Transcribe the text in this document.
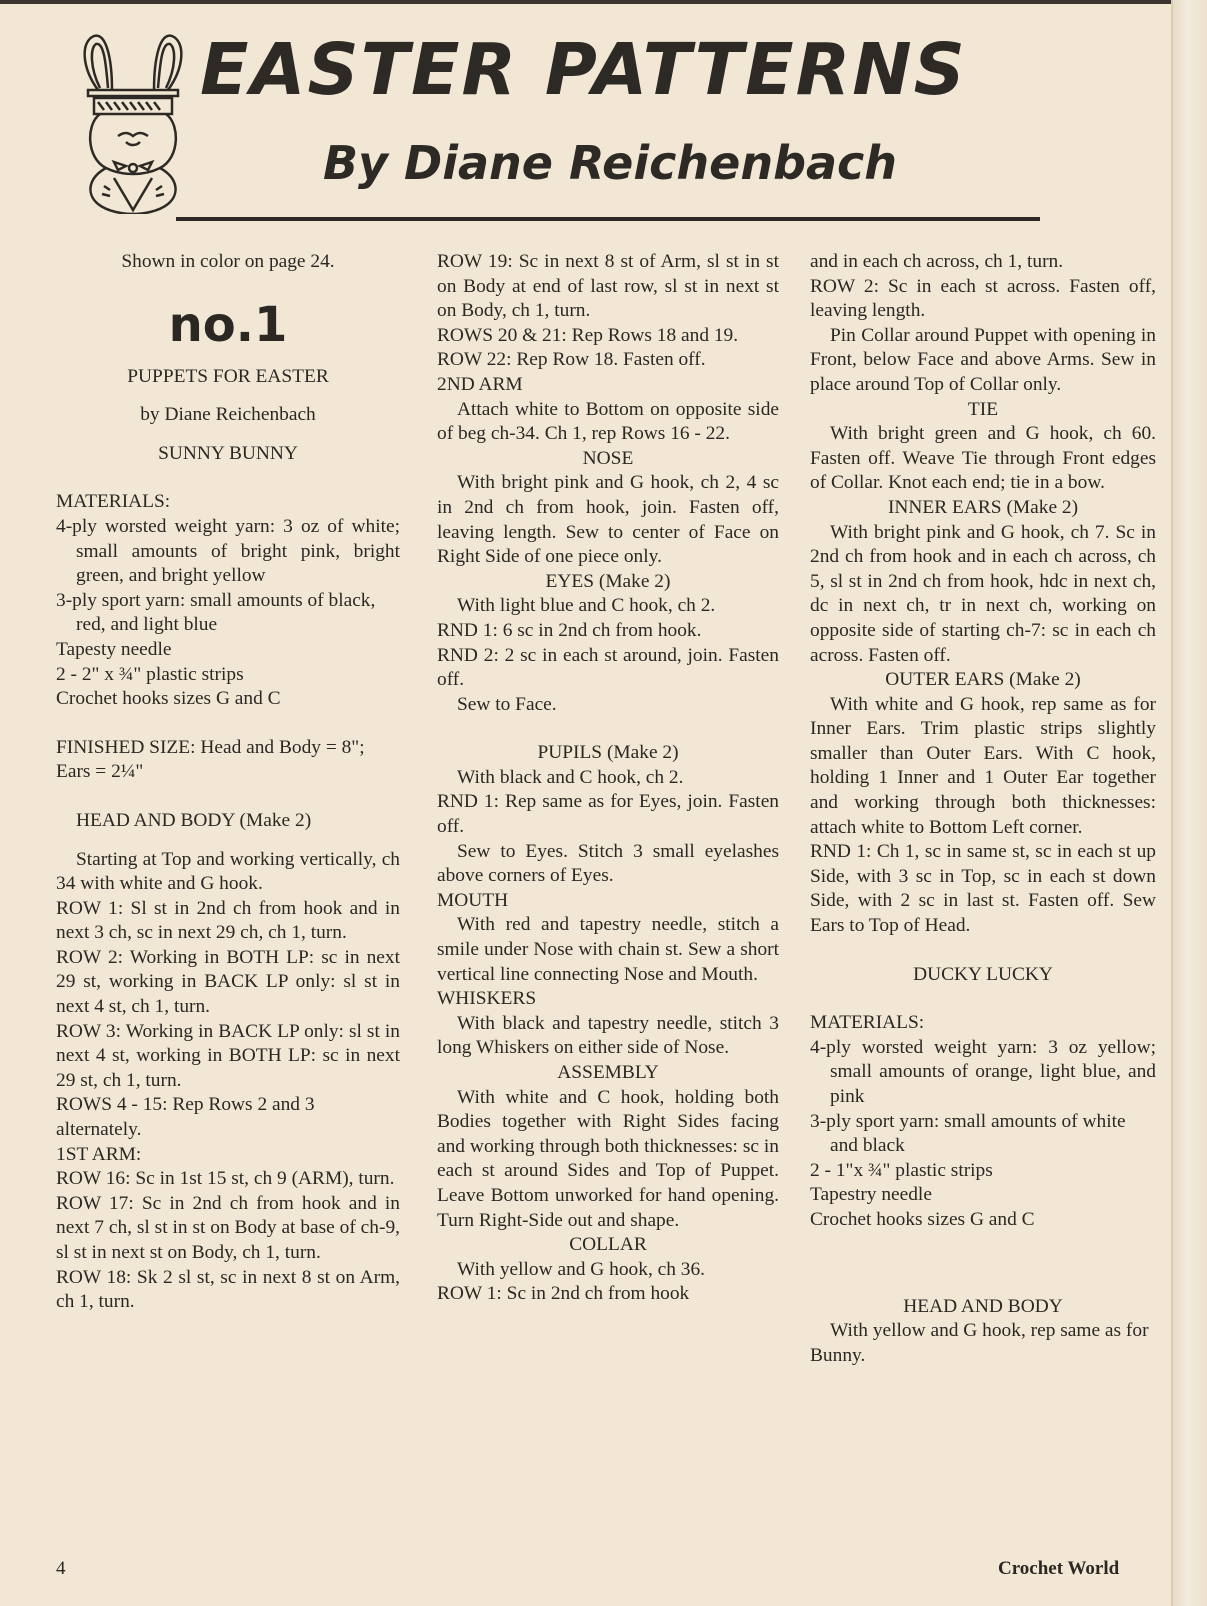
EASTER PATTERNS
By Diane Reichenbach

Shown in color on page 24.

no.1

PUPPETS FOR EASTER

by Diane Reichenbach

SUNNY BUNNY

MATERIALS:

4-ply worsted weight yarn: 3 oz of white; small amounts of bright pink, bright green, and bright yellow

3-ply sport yarn: small amounts of black, red, and light blue

Tapesty needle

2 - 2" x ¾" plastic strips

Crochet hooks sizes G and C

FINISHED SIZE: Head and Body = 8"; Ears = 2¼"

HEAD AND BODY (Make 2)

Starting at Top and working vertically, ch 34 with white and G hook.

ROW 1: Sl st in 2nd ch from hook and in next 3 ch, sc in next 29 ch, ch 1, turn.

ROW 2: Working in BOTH LP: sc in next 29 st, working in BACK LP only: sl st in next 4 st, ch 1, turn.

ROW 3: Working in BACK LP only: sl st in next 4 st, working in BOTH LP: sc in next 29 st, ch 1, turn.

ROWS 4 - 15: Rep Rows 2 and 3 alternately.

1ST ARM:

ROW 16: Sc in 1st 15 st, ch 9 (ARM), turn.

ROW 17: Sc in 2nd ch from hook and in next 7 ch, sl st in st on Body at base of ch-9, sl st in next st on Body, ch 1, turn.

ROW 18: Sk 2 sl st, sc in next 8 st on Arm, ch 1, turn.

ROW 19: Sc in next 8 st of Arm, sl st in st on Body at end of last row, sl st in next st on Body, ch 1, turn.

ROWS 20 & 21: Rep Rows 18 and 19.

ROW 22: Rep Row 18. Fasten off.

2ND ARM

Attach white to Bottom on opposite side of beg ch-34. Ch 1, rep Rows 16 - 22.

NOSE

With bright pink and G hook, ch 2, 4 sc in 2nd ch from hook, join. Fasten off, leaving length. Sew to center of Face on Right Side of one piece only.

EYES (Make 2)

With light blue and C hook, ch 2.

RND 1: 6 sc in 2nd ch from hook.

RND 2: 2 sc in each st around, join. Fasten off.

Sew to Face.

PUPILS (Make 2)

With black and C hook, ch 2.

RND 1: Rep same as for Eyes, join. Fasten off.

Sew to Eyes. Stitch 3 small eyelashes above corners of Eyes.

MOUTH

With red and tapestry needle, stitch a smile under Nose with chain st. Sew a short vertical line connecting Nose and Mouth.

WHISKERS

With black and tapestry needle, stitch 3 long Whiskers on either side of Nose.

ASSEMBLY

With white and C hook, holding both Bodies together with Right Sides facing and working through both thicknesses: sc in each st around Sides and Top of Puppet. Leave Bottom unworked for hand opening. Turn Right-Side out and shape.

COLLAR

With yellow and G hook, ch 36.

ROW 1: Sc in 2nd ch from hook

and in each ch across, ch 1, turn.

ROW 2: Sc in each st across. Fasten off, leaving length.

Pin Collar around Puppet with opening in Front, below Face and above Arms. Sew in place around Top of Collar only.

TIE

With bright green and G hook, ch 60. Fasten off. Weave Tie through Front edges of Collar. Knot each end; tie in a bow.

INNER EARS (Make 2)

With bright pink and G hook, ch 7. Sc in 2nd ch from hook and in each ch across, ch 5, sl st in 2nd ch from hook, hdc in next ch, dc in next ch, tr in next ch, working on opposite side of starting ch-7: sc in each ch across. Fasten off.

OUTER EARS (Make 2)

With white and G hook, rep same as for Inner Ears. Trim plastic strips slightly smaller than Outer Ears. With C hook, holding 1 Inner and 1 Outer Ear together and working through both thicknesses: attach white to Bottom Left corner.

RND 1: Ch 1, sc in same st, sc in each st up Side, with 3 sc in Top, sc in each st down Side, with 2 sc in last st. Fasten off. Sew Ears to Top of Head.

DUCKY LUCKY

MATERIALS:

4-ply worsted weight yarn: 3 oz yellow; small amounts of orange, light blue, and pink

3-ply sport yarn: small amounts of white and black

2 - 1"x ¾" plastic strips

Tapestry needle

Crochet hooks sizes G and C

HEAD AND BODY

With yellow and G hook, rep same as for Bunny.

4	Crochet World
